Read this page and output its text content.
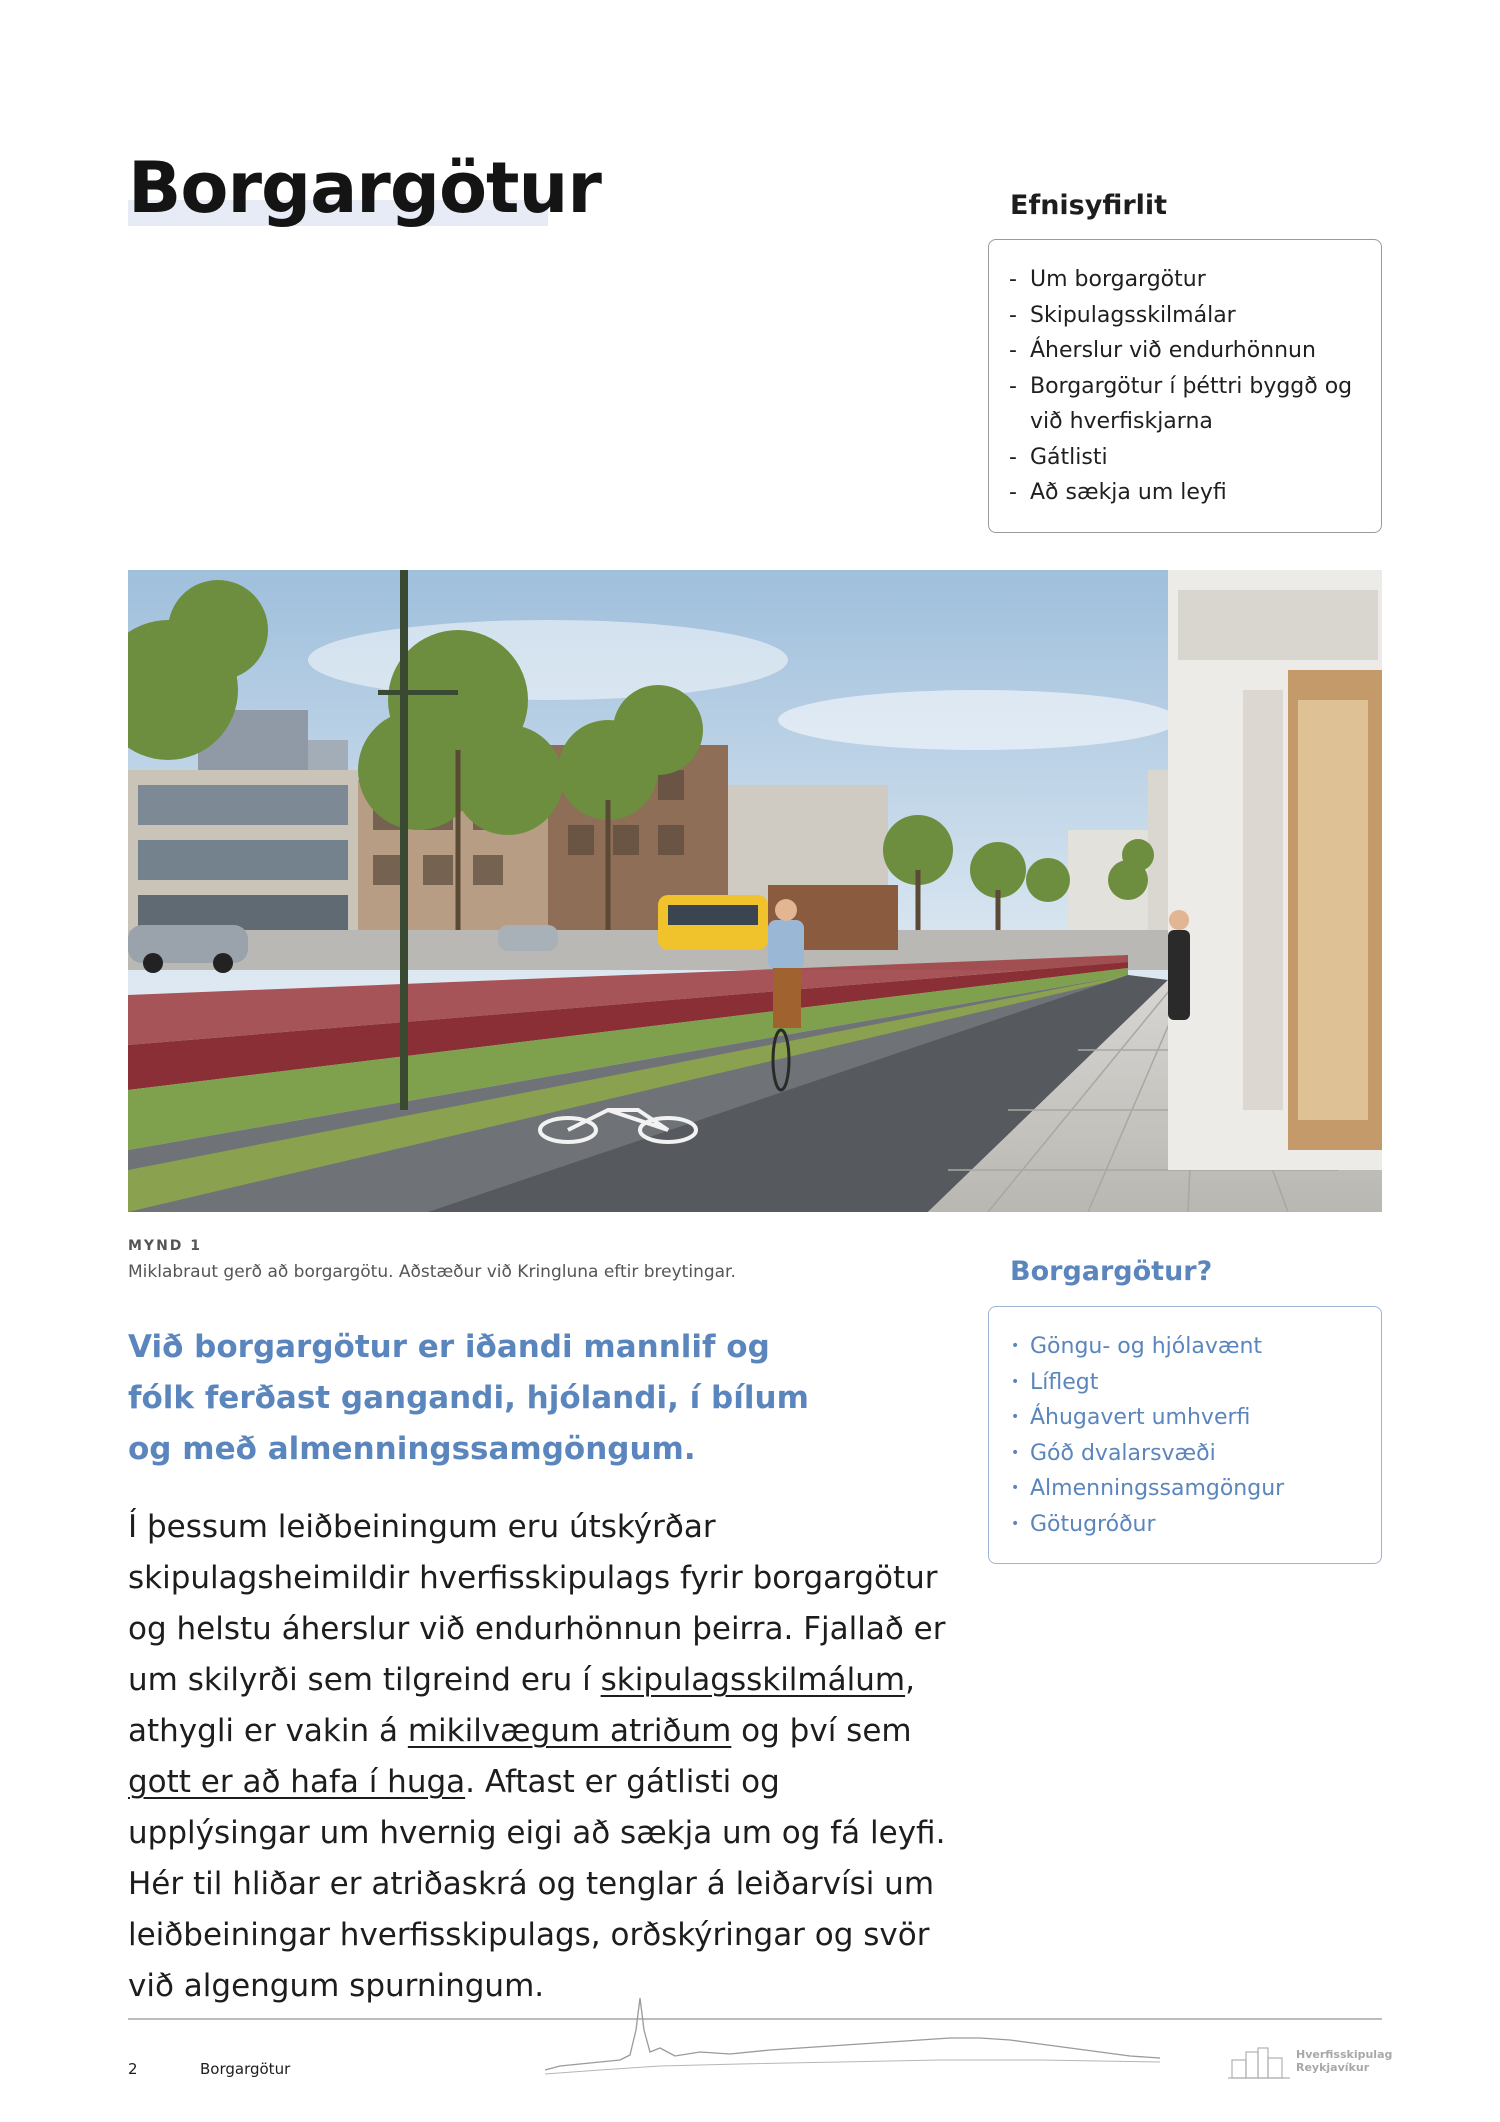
Borgargötur	Efnisyfirlit
- Um borgargötur
- Skipulagsskilmálar
- Áherslur við endurhönnun
- Borgargötur í þéttri byggð og við hverfiskjarna
- Gátlisti
- Að sækja um leyfi
MYND 1
Miklabraut gerð að borgargötu. Aðstæður við Kringluna eftir breytingar.	Borgargötur?
• Göngu- og hjólavænt
• Líflegt
• Áhugavert umhverfi
• Góð dvalarsvæði
• Almenningssamgöngur
• Götugróður

Við borgargötur er iðandi mannlif og fólk ferðast gangandi, hjólandi, í bílum og með almenningssamgöngum.

Í þessum leiðbeiningum eru útskýrðar skipulagsheimildir hverfisskipulags fyrir borgargötur og helstu áherslur við endurhönnun þeirra. Fjallað er um skilyrði sem tilgreind eru í skipulagsskilmálum, athygli er vakin á mikilvægum atriðum og því sem gott er að hafa í huga. Aftast er gátlisti og upplýsingar um hvernig eigi að sækja um og fá leyfi. Hér til hliðar er atriðaskrá og tenglar á leiðarvísi um leiðbeiningar hverfisskipulags, orðskýringar og svör við algengum spurningum.

2	Borgargötur
Hverfisskipulag
Reykjavíkur
